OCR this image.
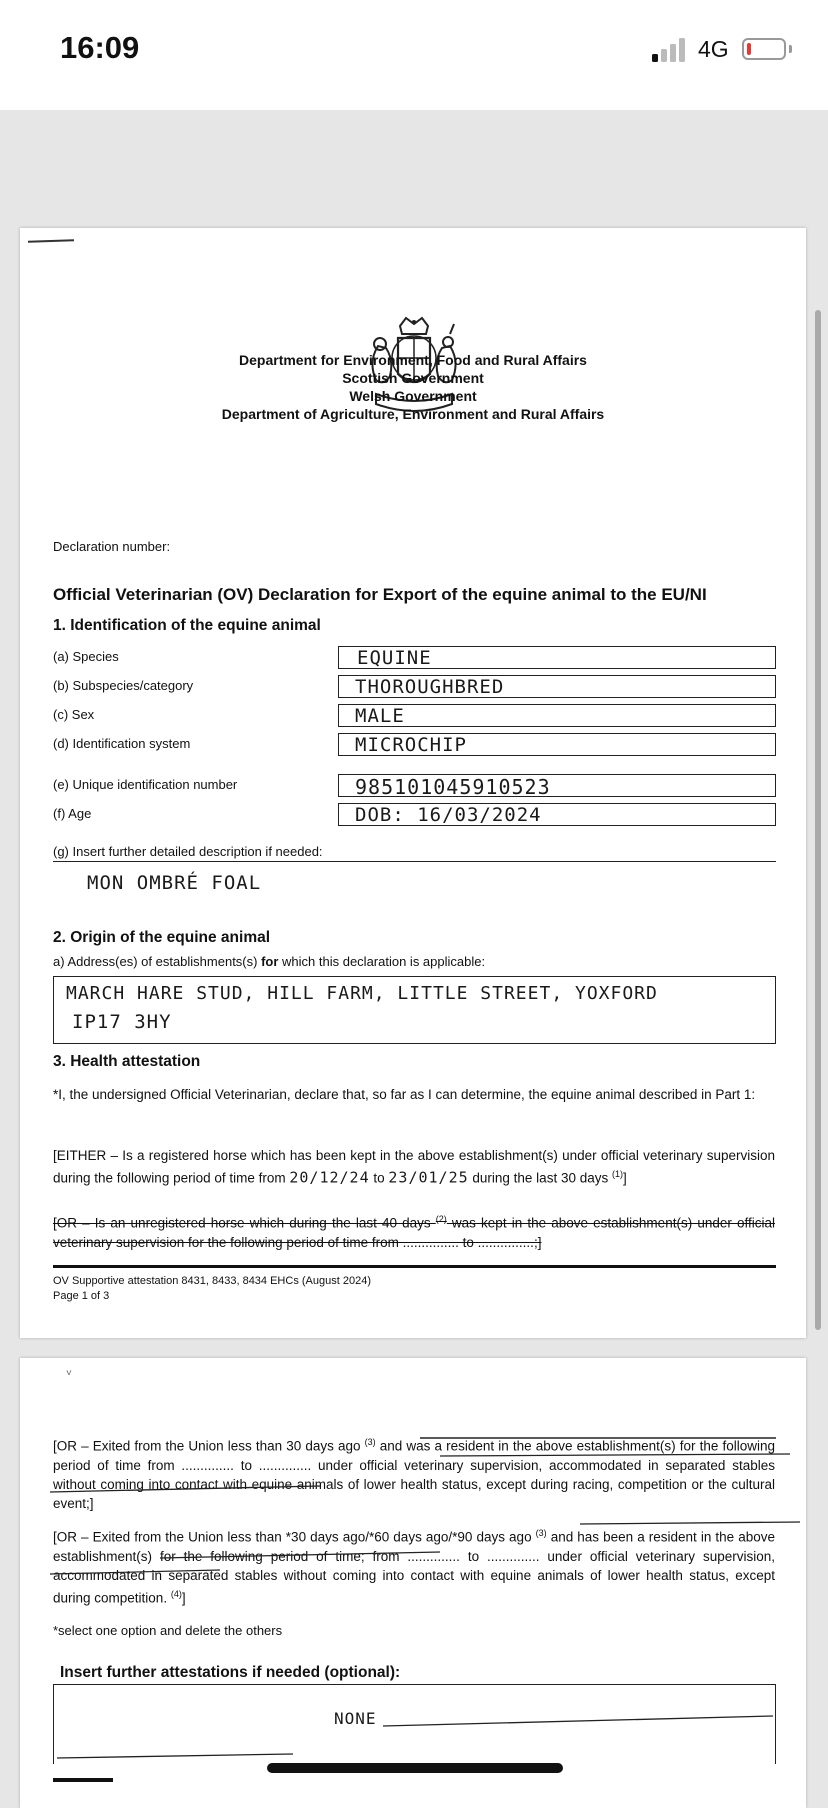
16:09	4G
Department for Environment, Food and Rural Affairs
Scottish Government
Welsh Government
Department of Agriculture, Environment and Rural Affairs
Declaration number:
Official Veterinarian (OV) Declaration for Export of the equine animal to the EU/NI
1. Identification of the equine animal
(a) Species	EQUINE
(b) Subspecies/category	THOROUGHBRED
(c) Sex	MALE
(d) Identification system	MICROCHIP
(e) Unique identification number	985101045910523
(f) Age	DOB: 16/03/2024
(g) Insert further detailed description if needed:
MON OMBRÉ FOAL
2. Origin of the equine animal
a) Address(es) of establishments(s) for which this declaration is applicable:
MARCH HARE STUD, HILL FARM, LITTLE STREET, YOXFORD
IP17 3HY
3. Health attestation
*I, the undersigned Official Veterinarian, declare that, so far as I can determine, the equine animal described in Part 1:
[EITHER – Is a registered horse which has been kept in the above establishment(s) under official veterinary supervision during the following period of time from 20/12/24 to 23/01/25 during the last 30 days $^{(1)}$]
[OR – Is an unregistered horse which during the last 40 days $^{(2)}$ was kept in the above establishment(s) under official veterinary supervision for the following period of time from ............... to ...............;]
OV Supportive attestation 8431, 8433, 8434 EHCs (August 2024)
Page 1 of 3
˅
[OR – Exited from the Union less than 30 days ago $^{(3)}$ and was a resident in the above establishment(s) for the following period of time from .............. to .............. under official veterinary supervision, accommodated in separated stables without coming into contact with equine animals of lower health status, except during racing, competition or the cultural event;]
[OR – Exited from the Union less than *30 days ago/*60 days ago/*90 days ago $^{(3)}$ and has been a resident in the above establishment(s) for the following period of time; from .............. to .............. under official veterinary supervision, accommodated in separated stables without coming into contact with equine animals of lower health status, except during competition. $^{(4)}$]
*select one option and delete the others
Insert further attestations if needed (optional):
NONE
